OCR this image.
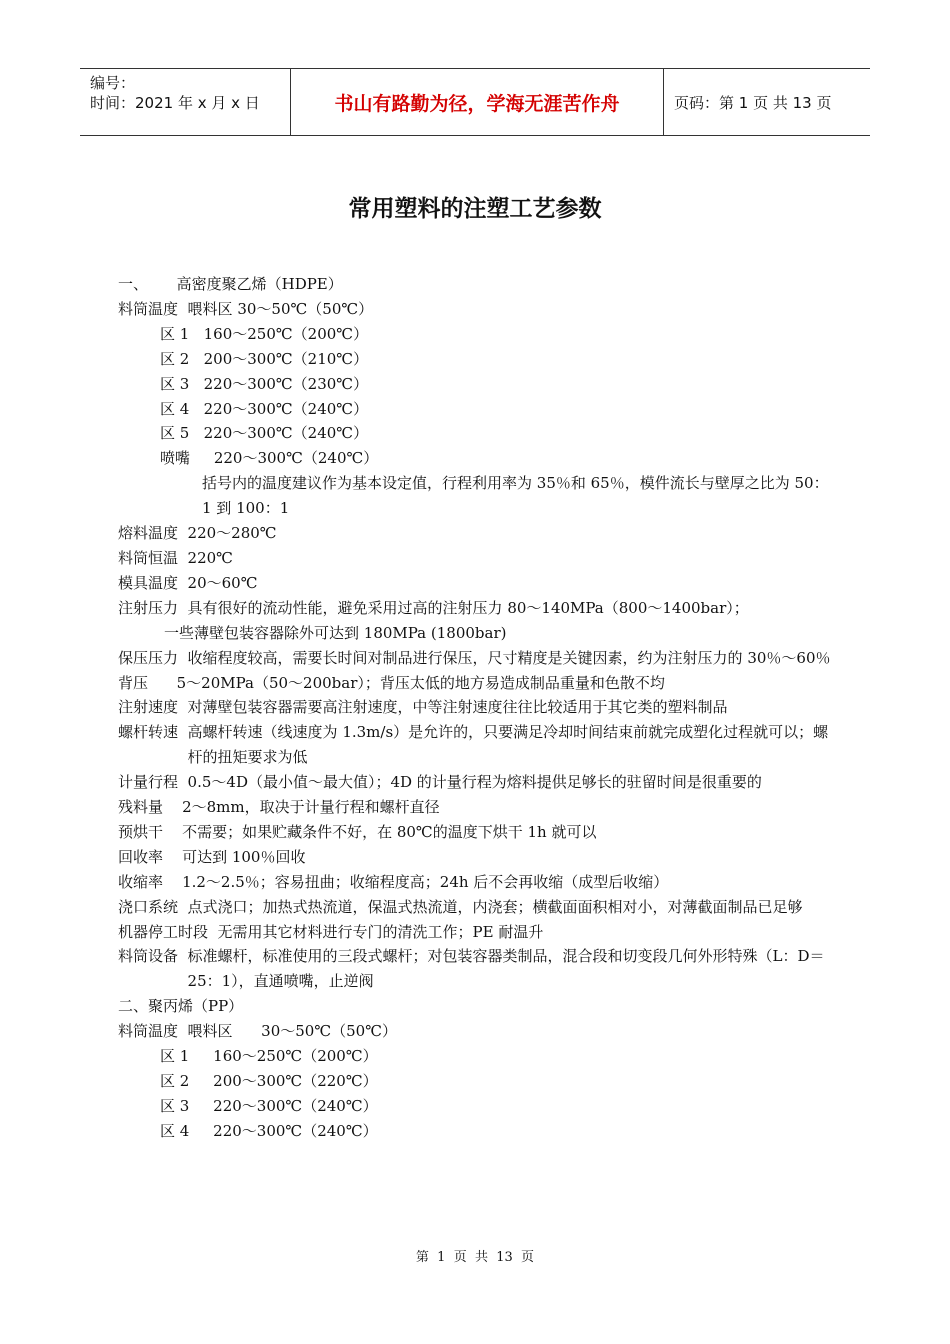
编号：
时间：2021 年 x 月 x 日	书山有路勤为径，学海无涯苦作舟	页码：第 1 页 共 13 页
常用塑料的注塑工艺参数
一、      高密度聚乙烯（HDPE）
料筒温度 喂料区 30～50℃（50℃）
区 1   160～250℃（200℃）
区 2   200～300℃（210℃）
区 3   220～300℃（230℃）
区 4   220～300℃（240℃）
区 5   220～300℃（240℃）
喷嘴     220～300℃（240℃）
括号内的温度建议作为基本设定值，行程利用率为 35％和 65％，模件流长与壁厚之比为 50：1 到 100：1
熔料温度 220～280℃
料筒恒温 220℃
模具温度 20～60℃
注射压力 具有很好的流动性能，避免采用过高的注射压力 80～140MPa（800～1400bar）；
一些薄壁包装容器除外可达到 180MPa (1800bar)
保压压力 收缩程度较高，需要长时间对制品进行保压，尺寸精度是关键因素，约为注射压力的 30％～60％
背压 5～20MPa（50～200bar）；背压太低的地方易造成制品重量和色散不均
注射速度 对薄壁包装容器需要高注射速度，中等注射速度往往比较适用于其它类的塑料制品
螺杆转速 高螺杆转速（线速度为 1.3m/s）是允许的，只要满足冷却时间结束前就完成塑化过程就可以；螺杆的扭矩要求为低
计量行程 0.5～4D（最小值～最大值）；4D 的计量行程为熔料提供足够长的驻留时间是很重要的
残料量 2～8mm，取决于计量行程和螺杆直径
预烘干 不需要；如果贮藏条件不好，在 80℃的温度下烘干 1h 就可以
回收率 可达到 100％回收
收缩率 1.2～2.5％；容易扭曲；收缩程度高；24h 后不会再收缩（成型后收缩）
浇口系统 点式浇口；加热式热流道，保温式热流道，内浇套；横截面面积相对小，对薄截面制品已足够
机器停工时段  无需用其它材料进行专门的清洗工作；PE 耐温升
料筒设备 标准螺杆，标准使用的三段式螺杆；对包装容器类制品，混合段和切变段几何外形特殊（L：D＝25：1），直通喷嘴，止逆阀
二、聚丙烯（PP）
料筒温度 喂料区      30～50℃（50℃）
区 1     160～250℃（200℃）
区 2     200～300℃（220℃）
区 3     220～300℃（240℃）
区 4     220～300℃（240℃）
第  1  页  共  13  页
